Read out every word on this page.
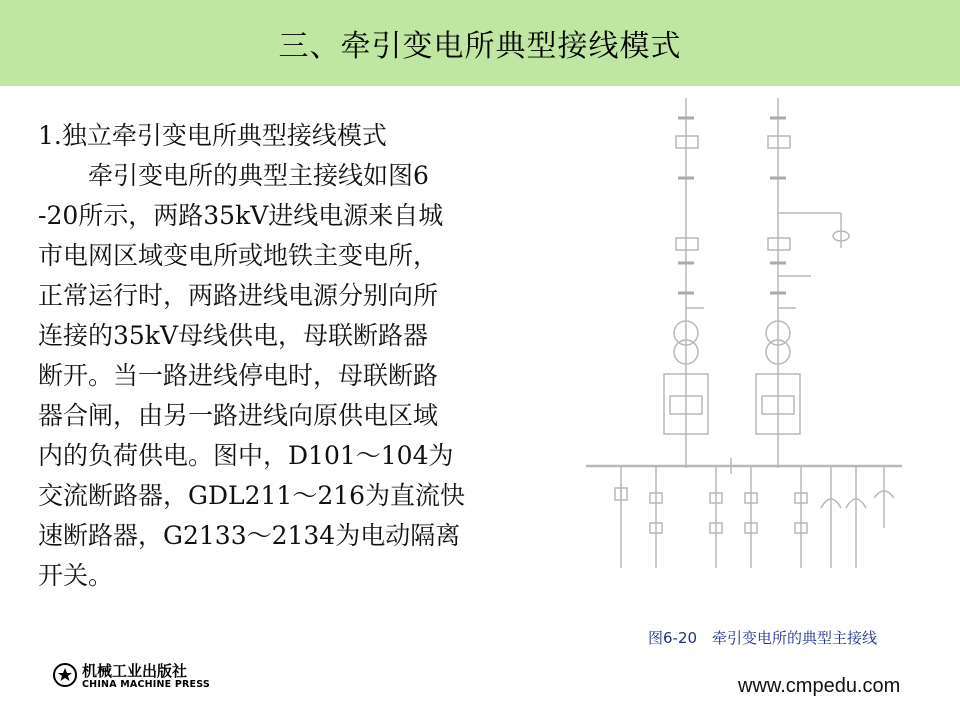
三、牵引变电所典型接线模式

1.独立牵引变电所典型接线模式

　　牵引变电所的典型主接线如图6

-20所示，两路35kV进线电源来自城

市电网区域变电所或地铁主变电所，

正常运行时，两路进线电源分别向所

连接的35kV母线供电，母联断路器

断开。当一路进线停电时，母联断路

器合闸，由另一路进线向原供电区域

内的负荷供电。图中，D101～104为

交流断路器，GDL211～216为直流快

速断路器，G2133～2134为电动隔离

开关。

图6-20　牵引变电所的典型主接线
机械工业出版社
CHINA MACHINE PRESS	www.cmpedu.com
